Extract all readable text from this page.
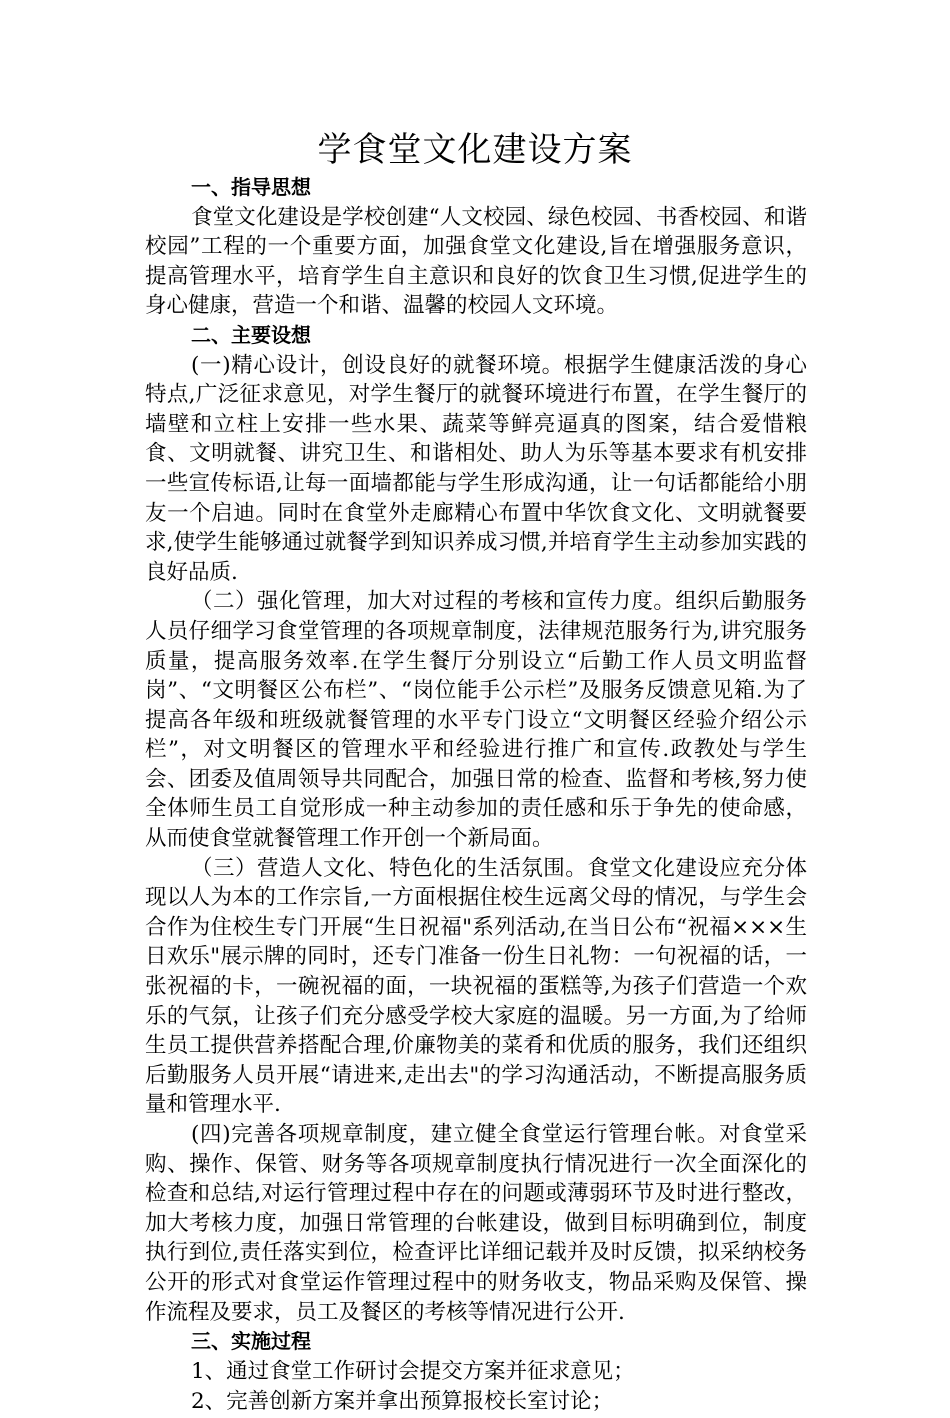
学食堂文化建设方案

一、指导思想

食堂文化建设是学校创建“人文校园、绿色校园、书香校园、和谐校园”工程的一个重要方面，加强食堂文化建设,旨在增强服务意识，提高管理水平，培育学生自主意识和良好的饮食卫生习惯,促进学生的身心健康，营造一个和谐、温馨的校园人文环境。

二、主要设想

(一)精心设计，创设良好的就餐环境。根据学生健康活泼的身心特点,广泛征求意见，对学生餐厅的就餐环境进行布置，在学生餐厅的墙壁和立柱上安排一些水果、蔬菜等鲜亮逼真的图案，结合爱惜粮食、文明就餐、讲究卫生、和谐相处、助人为乐等基本要求有机安排一些宣传标语,让每一面墙都能与学生形成沟通，让一句话都能给小朋友一个启迪。同时在食堂外走廊精心布置中华饮食文化、文明就餐要求,使学生能够通过就餐学到知识养成习惯,并培育学生主动参加实践的良好品质.

（二）强化管理，加大对过程的考核和宣传力度。组织后勤服务人员仔细学习食堂管理的各项规章制度，法律规范服务行为,讲究服务质量，提高服务效率.在学生餐厅分别设立“后勤工作人员文明监督岗”、“文明餐区公布栏”、“岗位能手公示栏”及服务反馈意见箱.为了提高各年级和班级就餐管理的水平专门设立“文明餐区经验介绍公示栏”，对文明餐区的管理水平和经验进行推广和宣传.政教处与学生会、团委及值周领导共同配合，加强日常的检查、监督和考核,努力使全体师生员工自觉形成一种主动参加的责任感和乐于争先的使命感，从而使食堂就餐管理工作开创一个新局面。

（三）营造人文化、特色化的生活氛围。食堂文化建设应充分体现以人为本的工作宗旨,一方面根据住校生远离父母的情况，与学生会合作为住校生专门开展“生日祝福"系列活动,在当日公布“祝福×××生日欢乐"展示牌的同时，还专门准备一份生日礼物：一句祝福的话，一张祝福的卡，一碗祝福的面，一块祝福的蛋糕等,为孩子们营造一个欢乐的气氛，让孩子们充分感受学校大家庭的温暖。另一方面,为了给师生员工提供营养搭配合理,价廉物美的菜肴和优质的服务，我们还组织后勤服务人员开展“请进来,走出去"的学习沟通活动，不断提高服务质量和管理水平.

(四)完善各项规章制度，建立健全食堂运行管理台帐。对食堂采购、操作、保管、财务等各项规章制度执行情况进行一次全面深化的检查和总结,对运行管理过程中存在的问题或薄弱环节及时进行整改，加大考核力度，加强日常管理的台帐建设，做到目标明确到位，制度执行到位,责任落实到位，检查评比详细记载并及时反馈，拟采纳校务公开的形式对食堂运作管理过程中的财务收支，物品采购及保管、操作流程及要求，员工及餐区的考核等情况进行公开.

三、实施过程

1、通过食堂工作研讨会提交方案并征求意见；

2、完善创新方案并拿出预算报校长室讨论；
